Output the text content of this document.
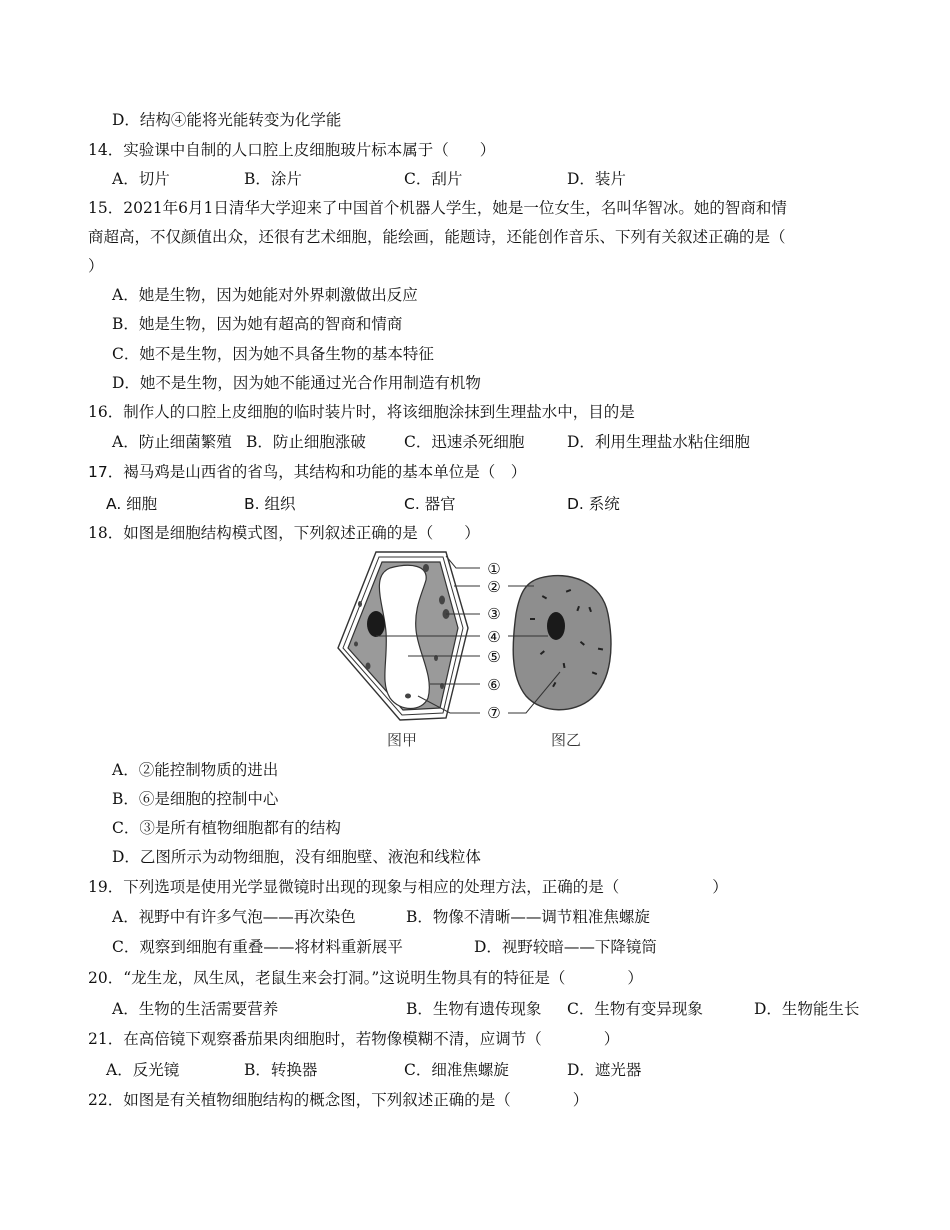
D．结构④能将光能转变为化学能
14．实验课中自制的人口腔上皮细胞玻片标本属于（　　）
A．切片	B．涂片	C．刮片	D．装片
15．2021年6月1日清华大学迎来了中国首个机器人学生，她是一位女生，名叫华智冰。她的智商和情
商超高，不仅颜值出众，还很有艺术细胞，能绘画，能题诗，还能创作音乐、下列有关叙述正确的是（
）
A．她是生物，因为她能对外界刺激做出反应
B．她是生物，因为她有超高的智商和情商
C．她不是生物，因为她不具备生物的基本特征
D．她不是生物，因为她不能通过光合作用制造有机物
16．制作人的口腔上皮细胞的临时装片时，将该细胞涂抹到生理盐水中，目的是
A．防止细菌繁殖 B．防止细胞涨破 C．迅速杀死细胞	D．利用生理盐水粘住细胞
17．褐马鸡是山西省的省鸟，其结构和功能的基本单位是（　）
A. 细胞	B. 组织	C. 器官	D. 系统
18．如图是细胞结构模式图，下列叙述正确的是（　　）
①
②
③
④
⑤
⑥
⑦
图甲	图乙
A．②能控制物质的进出
B．⑥是细胞的控制中心
C．③是所有植物细胞都有的结构
D．乙图所示为动物细胞，没有细胞壁、液泡和线粒体
19．下列选项是使用光学显微镜时出现的现象与相应的处理方法，正确的是（　　　　　　）
A．视野中有许多气泡——再次染色	B．物像不清晰——调节粗准焦螺旋
C．观察到细胞有重叠——将材料重新展平	D．视野较暗——下降镜筒
20．“龙生龙，凤生凤，老鼠生来会打洞。”这说明生物具有的特征是（　　　　）
A．生物的生活需要营养	B．生物有遗传现象 C．生物有变异现象	D．生物能生长
21．在高倍镜下观察番茄果肉细胞时，若物像模糊不清，应调节（　　　　）
A．反光镜	B．转换器	C．细准焦螺旋	D．遮光器
22．如图是有关植物细胞结构的概念图，下列叙述正确的是（　　　　）
